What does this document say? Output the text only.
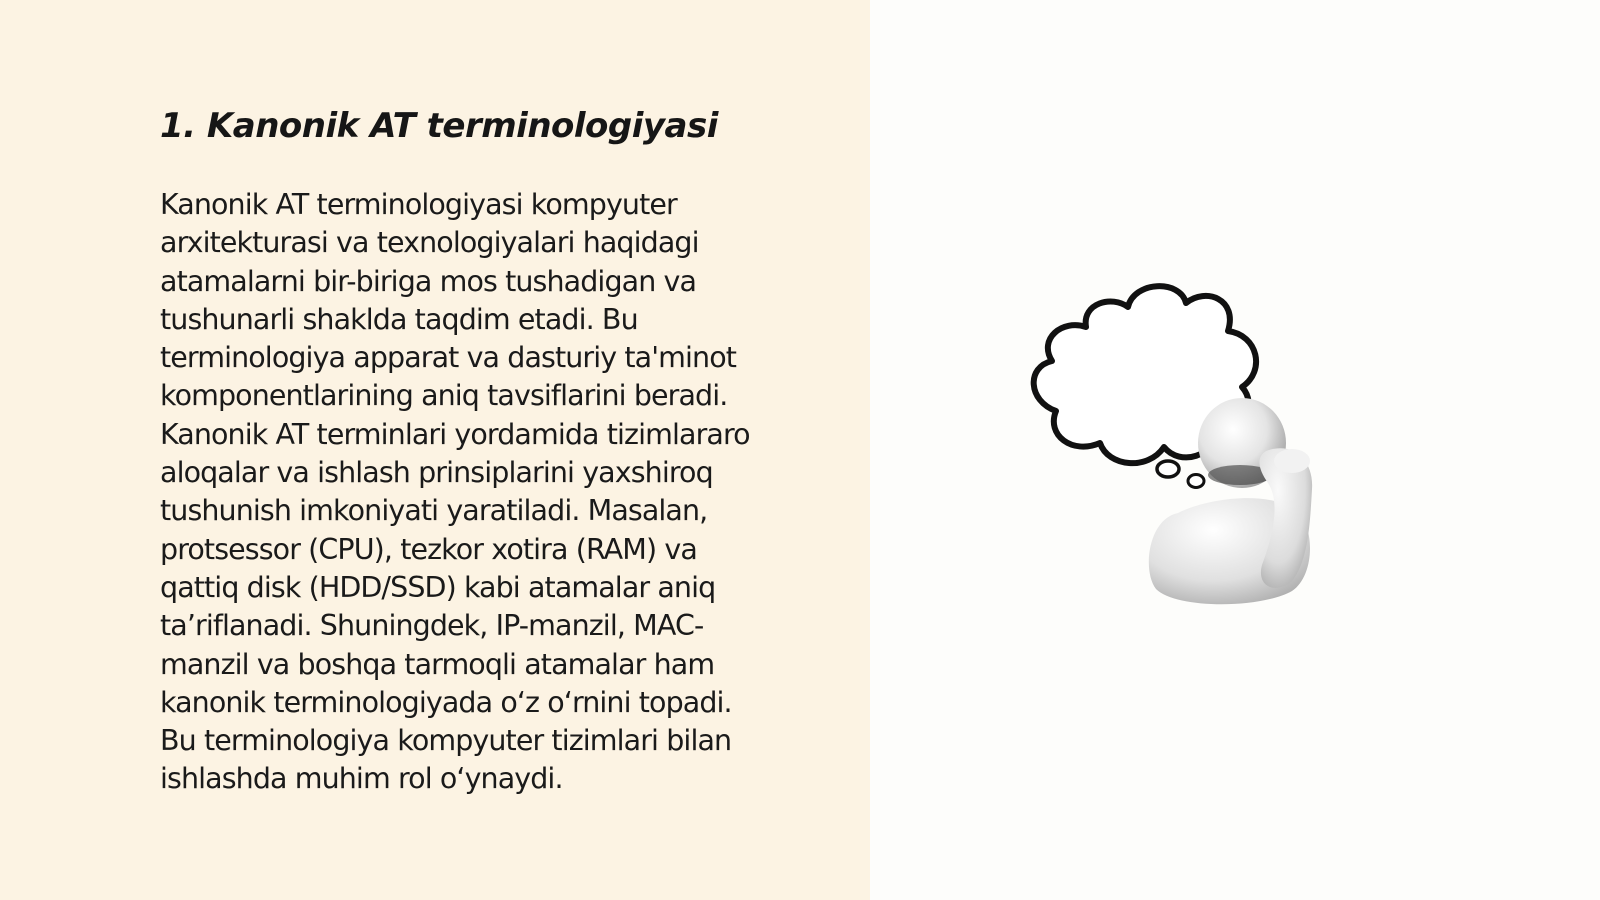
1. Kanonik AT terminologiyasi
Kanonik AT terminologiyasi kompyuter
arxitekturasi va texnologiyalari haqidagi
atamalarni bir-biriga mos tushadigan va
tushunarli shaklda taqdim etadi. Bu
terminologiya apparat va dasturiy ta'minot
komponentlarining aniq tavsiflarini beradi.
Kanonik AT terminlari yordamida tizimlararo
aloqalar va ishlash prinsiplarini yaxshiroq
tushunish imkoniyati yaratiladi. Masalan,
protsessor (CPU), tezkor xotira (RAM) va
qattiq disk (HDD/SSD) kabi atamalar aniq
ta’riflanadi. Shuningdek, IP-manzil, MAC-
manzil va boshqa tarmoqli atamalar ham
kanonik terminologiyada o‘z o‘rnini topadi.
Bu terminologiya kompyuter tizimlari bilan
ishlashda muhim rol o‘ynaydi.
